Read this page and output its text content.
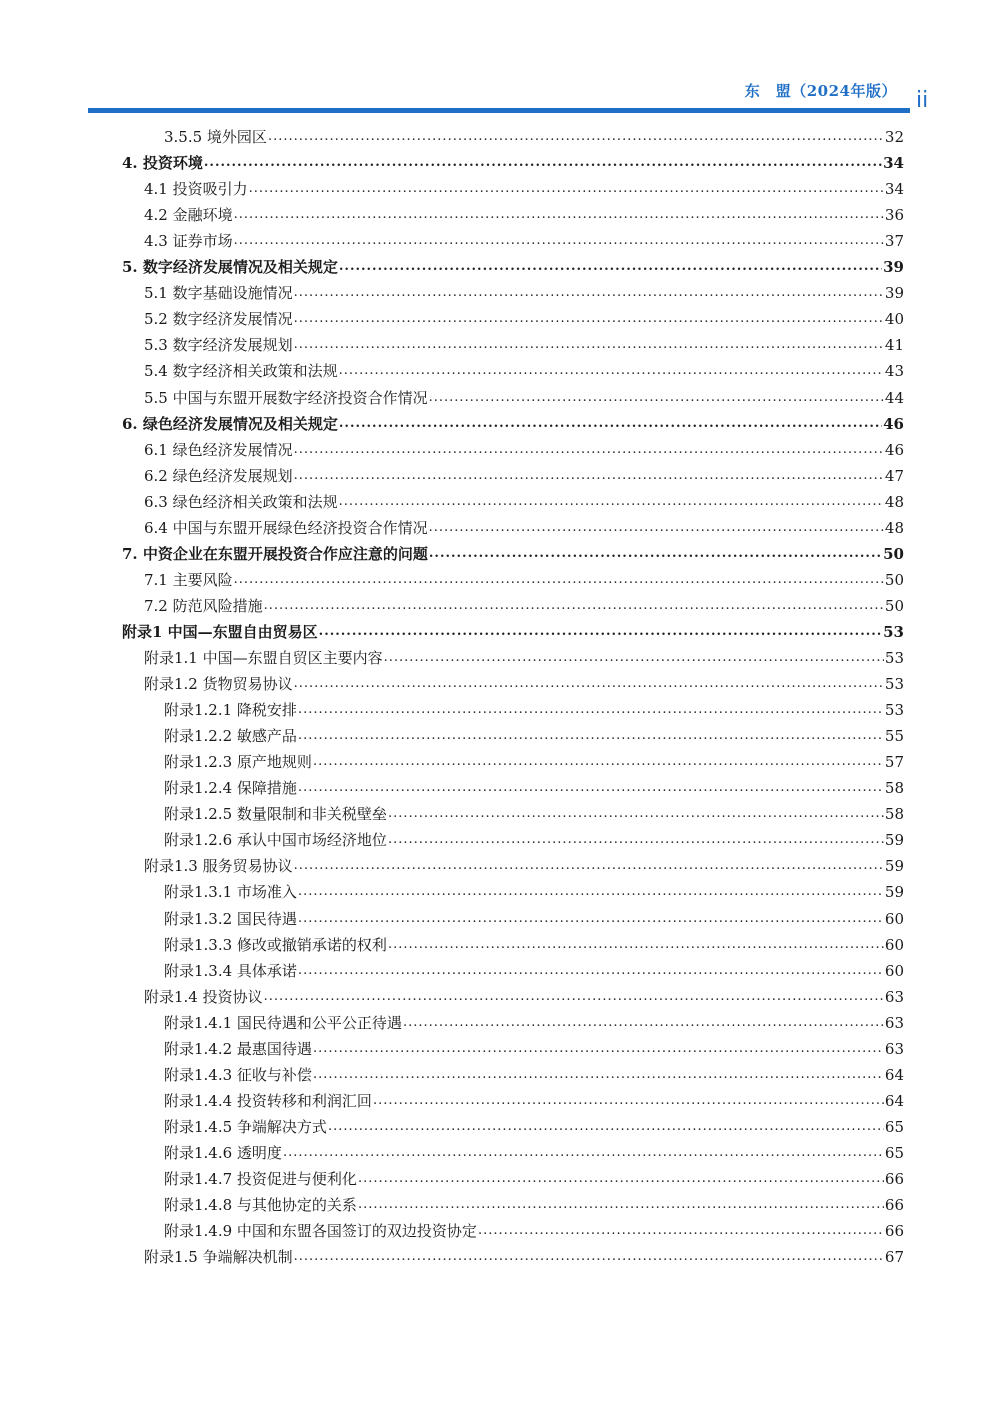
东　盟（2024年版） ii
3.5.5 境外园区 .....	32
4. 投资环境 .....	34
4.1 投资吸引力 .....	34
4.2 金融环境 .....	36
4.3 证券市场 .....	37
5. 数字经济发展情况及相关规定 .....	39
5.1 数字基础设施情况 .....	39
5.2 数字经济发展情况 .....	40
5.3 数字经济发展规划 .....	41
5.4 数字经济相关政策和法规 .....	43
5.5 中国与东盟开展数字经济投资合作情况 .....	44
6. 绿色经济发展情况及相关规定 .....	46
6.1 绿色经济发展情况 .....	46
6.2 绿色经济发展规划 .....	47
6.3 绿色经济相关政策和法规 .....	48
6.4 中国与东盟开展绿色经济投资合作情况 .....	48
7. 中资企业在东盟开展投资合作应注意的问题 .....	50
7.1 主要风险 .....	50
7.2 防范风险措施 .....	50
附录1 中国—东盟自由贸易区 .....	53
附录1.1 中国—东盟自贸区主要内容 .....	53
附录1.2 货物贸易协议 .....	53
附录1.2.1 降税安排 .....	53
附录1.2.2 敏感产品 .....	55
附录1.2.3 原产地规则 .....	57
附录1.2.4 保障措施 .....	58
附录1.2.5 数量限制和非关税壁垒 .....	58
附录1.2.6 承认中国市场经济地位 .....	59
附录1.3 服务贸易协议 .....	59
附录1.3.1 市场准入 .....	59
附录1.3.2 国民待遇 .....	60
附录1.3.3 修改或撤销承诺的权利 .....	60
附录1.3.4 具体承诺 .....	60
附录1.4 投资协议 .....	63
附录1.4.1 国民待遇和公平公正待遇 .....	63
附录1.4.2 最惠国待遇 .....	63
附录1.4.3 征收与补偿 .....	64
附录1.4.4 投资转移和利润汇回 .....	64
附录1.4.5 争端解决方式 .....	65
附录1.4.6 透明度 .....	65
附录1.4.7 投资促进与便利化 .....	66
附录1.4.8 与其他协定的关系 .....	66
附录1.4.9 中国和东盟各国签订的双边投资协定 .....	66
附录1.5 争端解决机制 .....	67
